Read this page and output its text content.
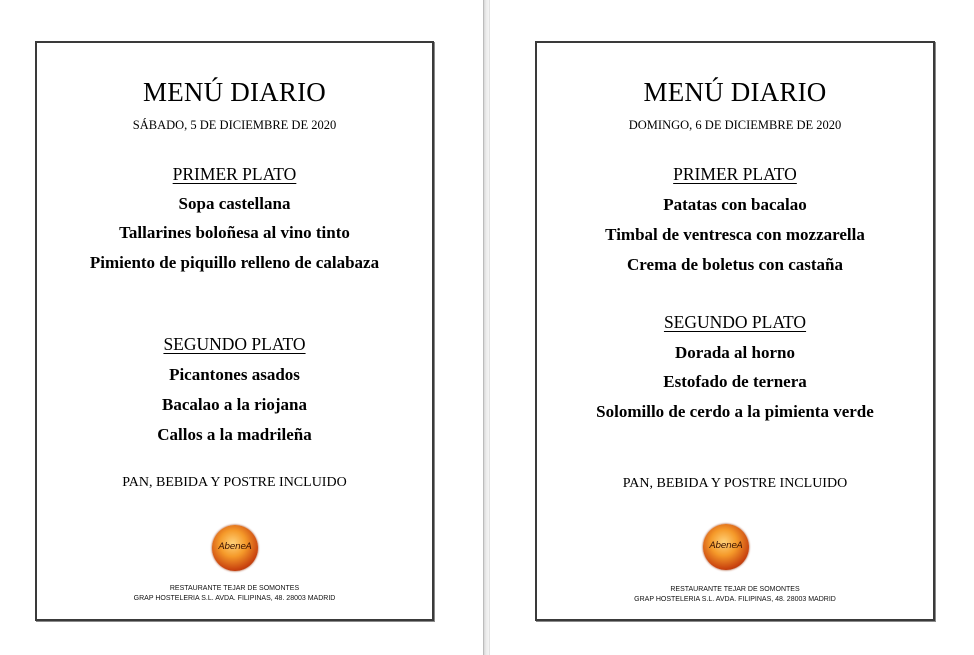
MENÚ DIARIO
SÁBADO, 5 DE DICIEMBRE DE 2020
PRIMER PLATO
Sopa castellana
Tallarines boloñesa al vino tinto
Pimiento de piquillo relleno de calabaza
SEGUNDO PLATO
Picantones asados
Bacalao a la riojana
Callos a la madrileña
PAN, BEBIDA Y POSTRE INCLUIDO
AbeneA
RESTAURANTE TEJAR DE SOMONTES
GRAP HOSTELERIA S.L. AVDA. FILIPINAS, 48. 28003 MADRID
MENÚ DIARIO
DOMINGO, 6 DE DICIEMBRE DE 2020
PRIMER PLATO
Patatas con bacalao
Timbal de ventresca con mozzarella
Crema de boletus con castaña
SEGUNDO PLATO
Dorada al horno
Estofado de ternera
Solomillo de cerdo a la pimienta verde
PAN, BEBIDA Y POSTRE INCLUIDO
AbeneA
RESTAURANTE TEJAR DE SOMONTES
GRAP HOSTELERIA S.L. AVDA. FILIPINAS, 48. 28003 MADRID
